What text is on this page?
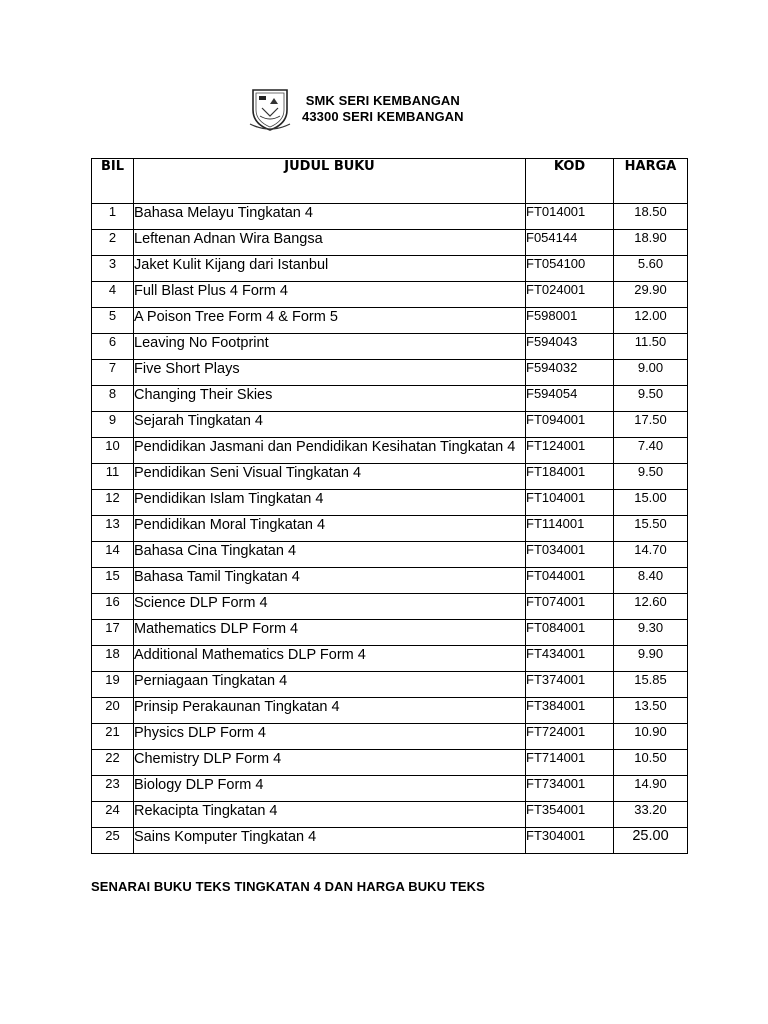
SMK SERI KEMBANGAN
43300 SERI KEMBANGAN
BIL	JUDUL BUKU	KOD	HARGA
1	Bahasa Melayu Tingkatan 4	FT014001	18.50
2	Leftenan Adnan Wira Bangsa	F054144	18.90
3	Jaket Kulit Kijang dari Istanbul	FT054100	5.60
4	Full Blast Plus 4 Form 4	FT024001	29.90
5	A Poison Tree Form 4 & Form 5	F598001	12.00
6	Leaving No Footprint	F594043	11.50
7	Five Short Plays	F594032	9.00
8	Changing Their Skies	F594054	9.50
9	Sejarah Tingkatan 4	FT094001	17.50
10	Pendidikan Jasmani dan Pendidikan Kesihatan Tingkatan 4	FT124001	7.40
11	Pendidikan Seni Visual Tingkatan 4	FT184001	9.50
12	Pendidikan Islam Tingkatan 4	FT104001	15.00
13	Pendidikan Moral Tingkatan 4	FT114001	15.50
14	Bahasa Cina Tingkatan 4	FT034001	14.70
15	Bahasa Tamil Tingkatan 4	FT044001	8.40
16	Science DLP Form 4	FT074001	12.60
17	Mathematics DLP Form 4	FT084001	9.30
18	Additional Mathematics DLP Form 4	FT434001	9.90
19	Perniagaan Tingkatan 4	FT374001	15.85
20	Prinsip Perakaunan Tingkatan 4	FT384001	13.50
21	Physics DLP Form 4	FT724001	10.90
22	Chemistry DLP Form 4	FT714001	10.50
23	Biology DLP Form 4	FT734001	14.90
24	Rekacipta Tingkatan 4	FT354001	33.20
25	Sains Komputer Tingkatan 4	FT304001	25.00
SENARAI BUKU TEKS TINGKATAN 4 DAN HARGA BUKU TEKS
